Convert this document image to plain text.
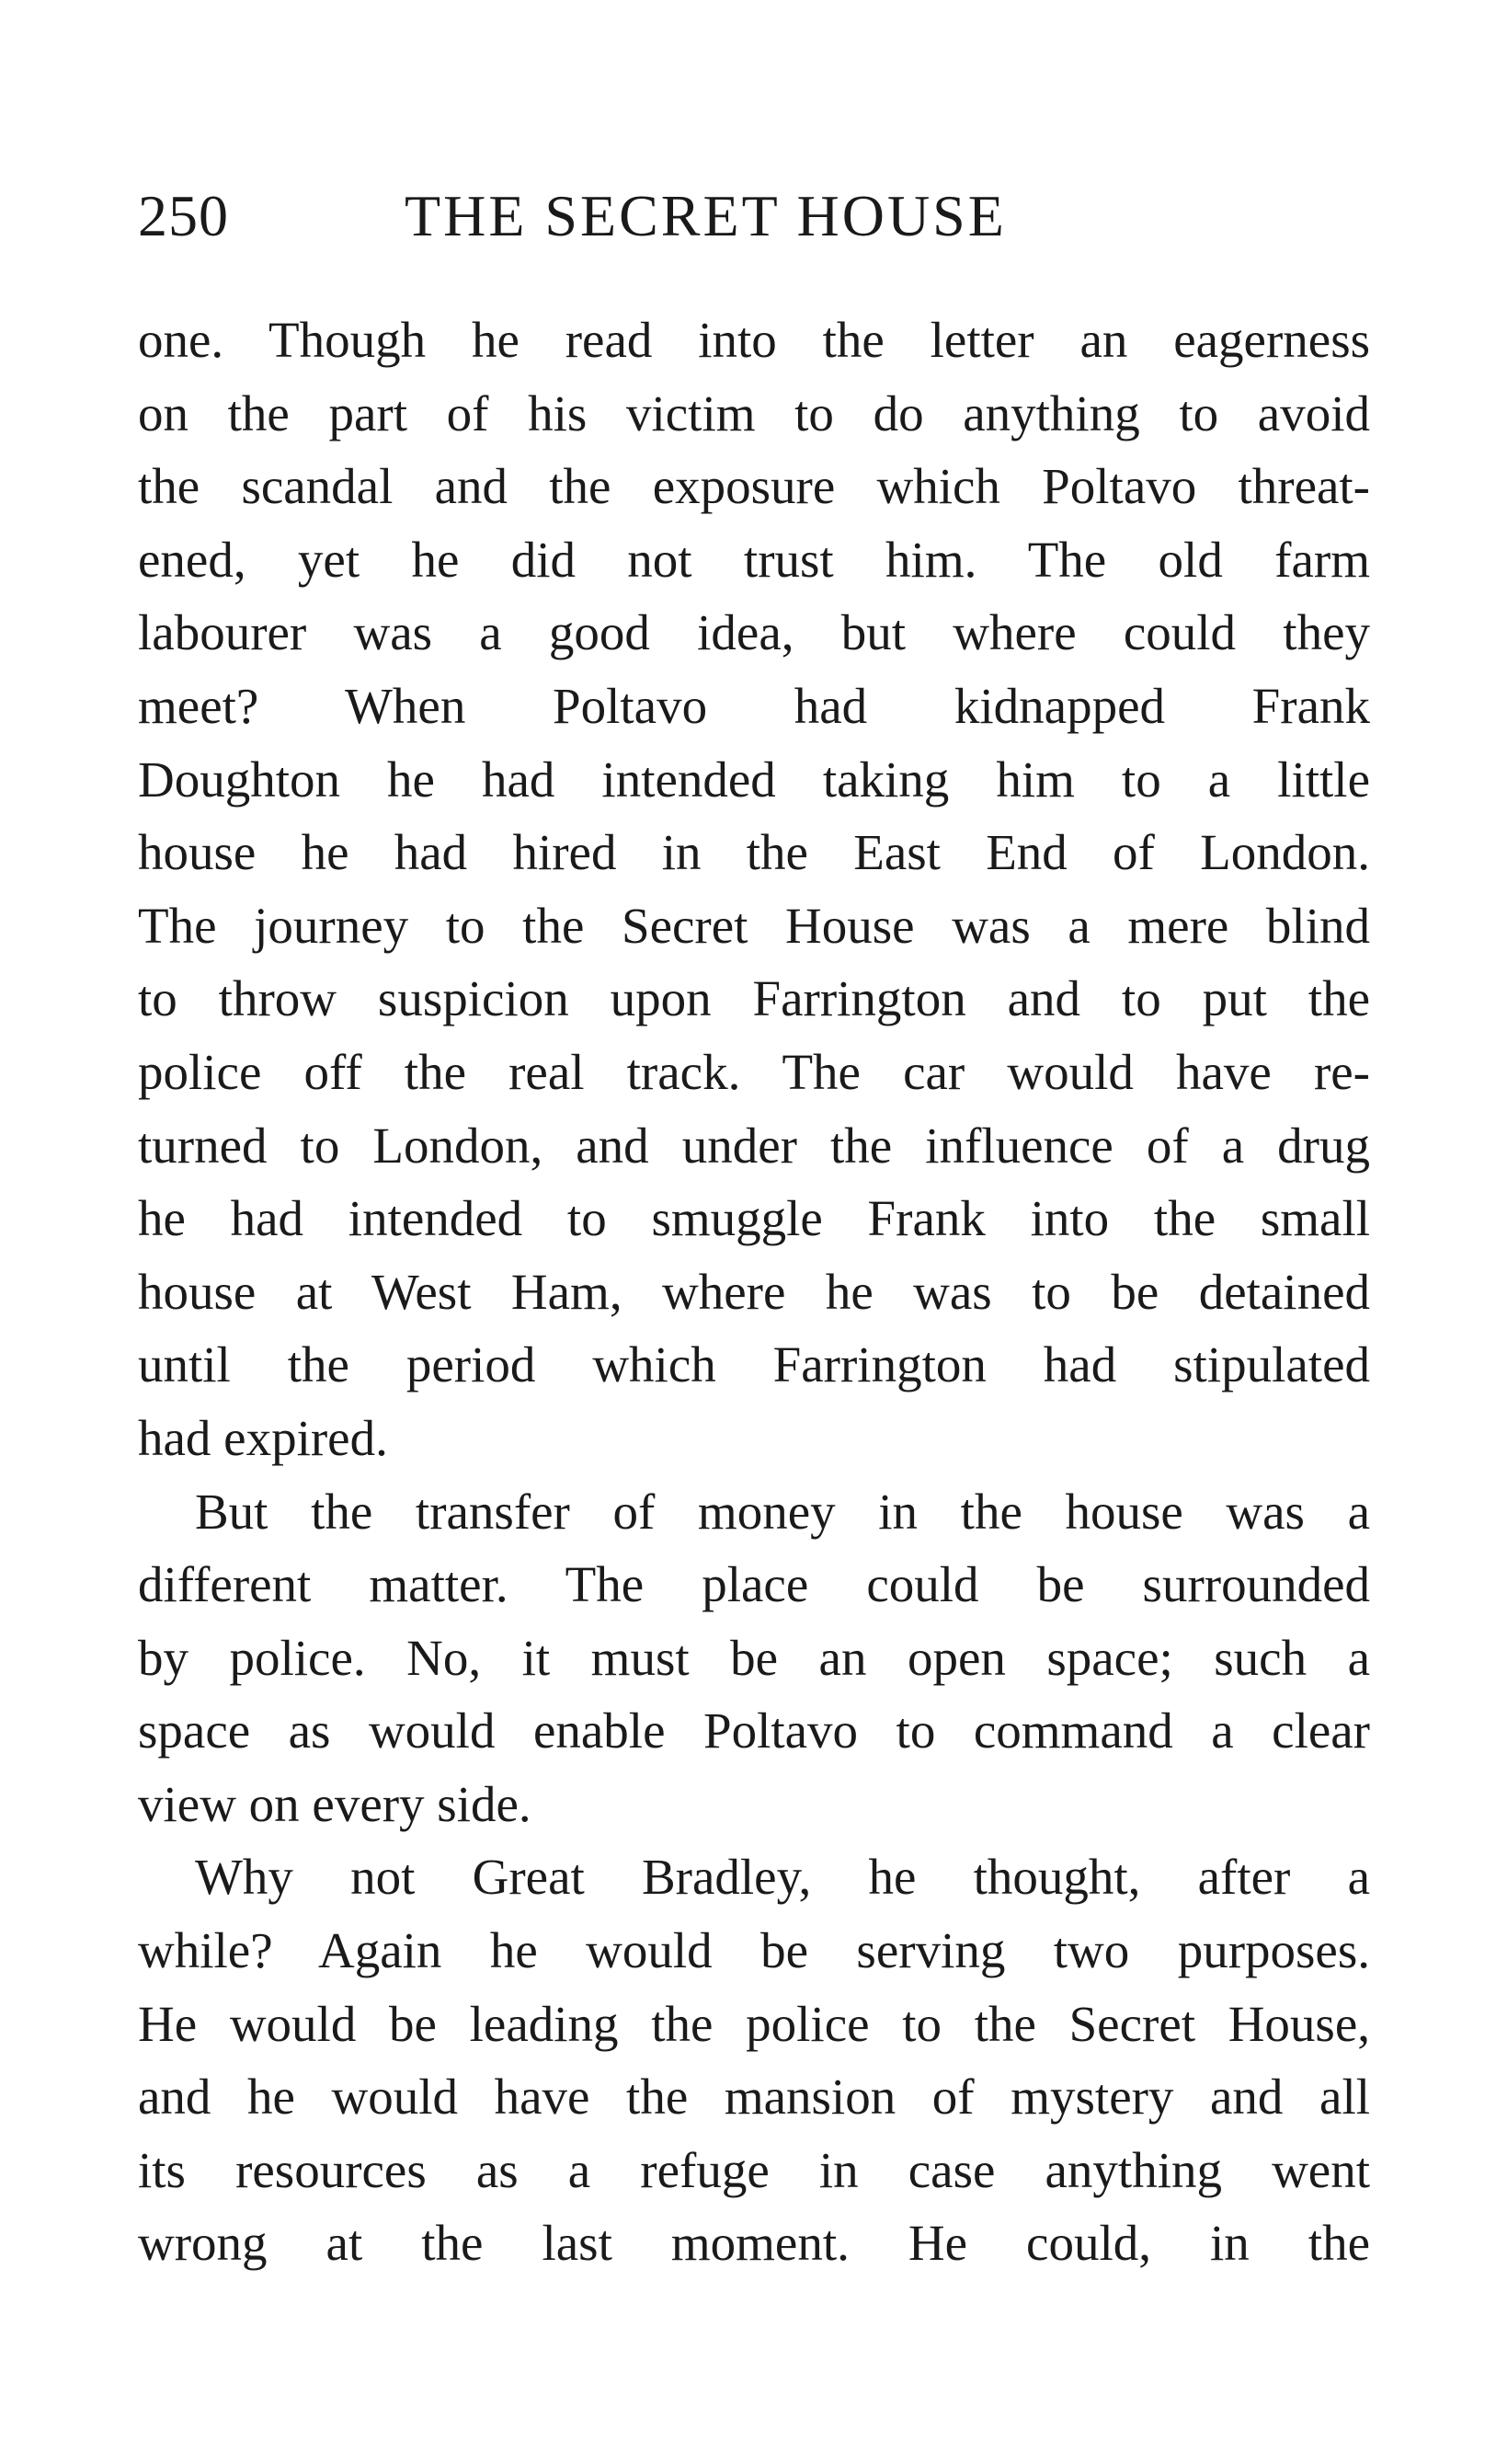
250	THE SECRET HOUSE
one. Though he read into the letter an eagerness
on the part of his victim to do anything to avoid
the scandal and the exposure which Poltavo threat-
ened, yet he did not trust him. The old farm
labourer was a good idea, but where could they
meet? When Poltavo had kidnapped Frank
Doughton he had intended taking him to a little
house he had hired in the East End of London.
The journey to the Secret House was a mere blind
to throw suspicion upon Farrington and to put the
police off the real track. The car would have re-
turned to London, and under the influence of a drug
he had intended to smuggle Frank into the small
house at West Ham, where he was to be detained
until the period which Farrington had stipulated
had expired.
But the transfer of money in the house was a
different matter. The place could be surrounded
by police. No, it must be an open space; such a
space as would enable Poltavo to command a clear
view on every side.
Why not Great Bradley, he thought, after a
while? Again he would be serving two purposes.
He would be leading the police to the Secret House,
and he would have the mansion of mystery and all
its resources as a refuge in case anything went
wrong at the last moment. He could, in the
